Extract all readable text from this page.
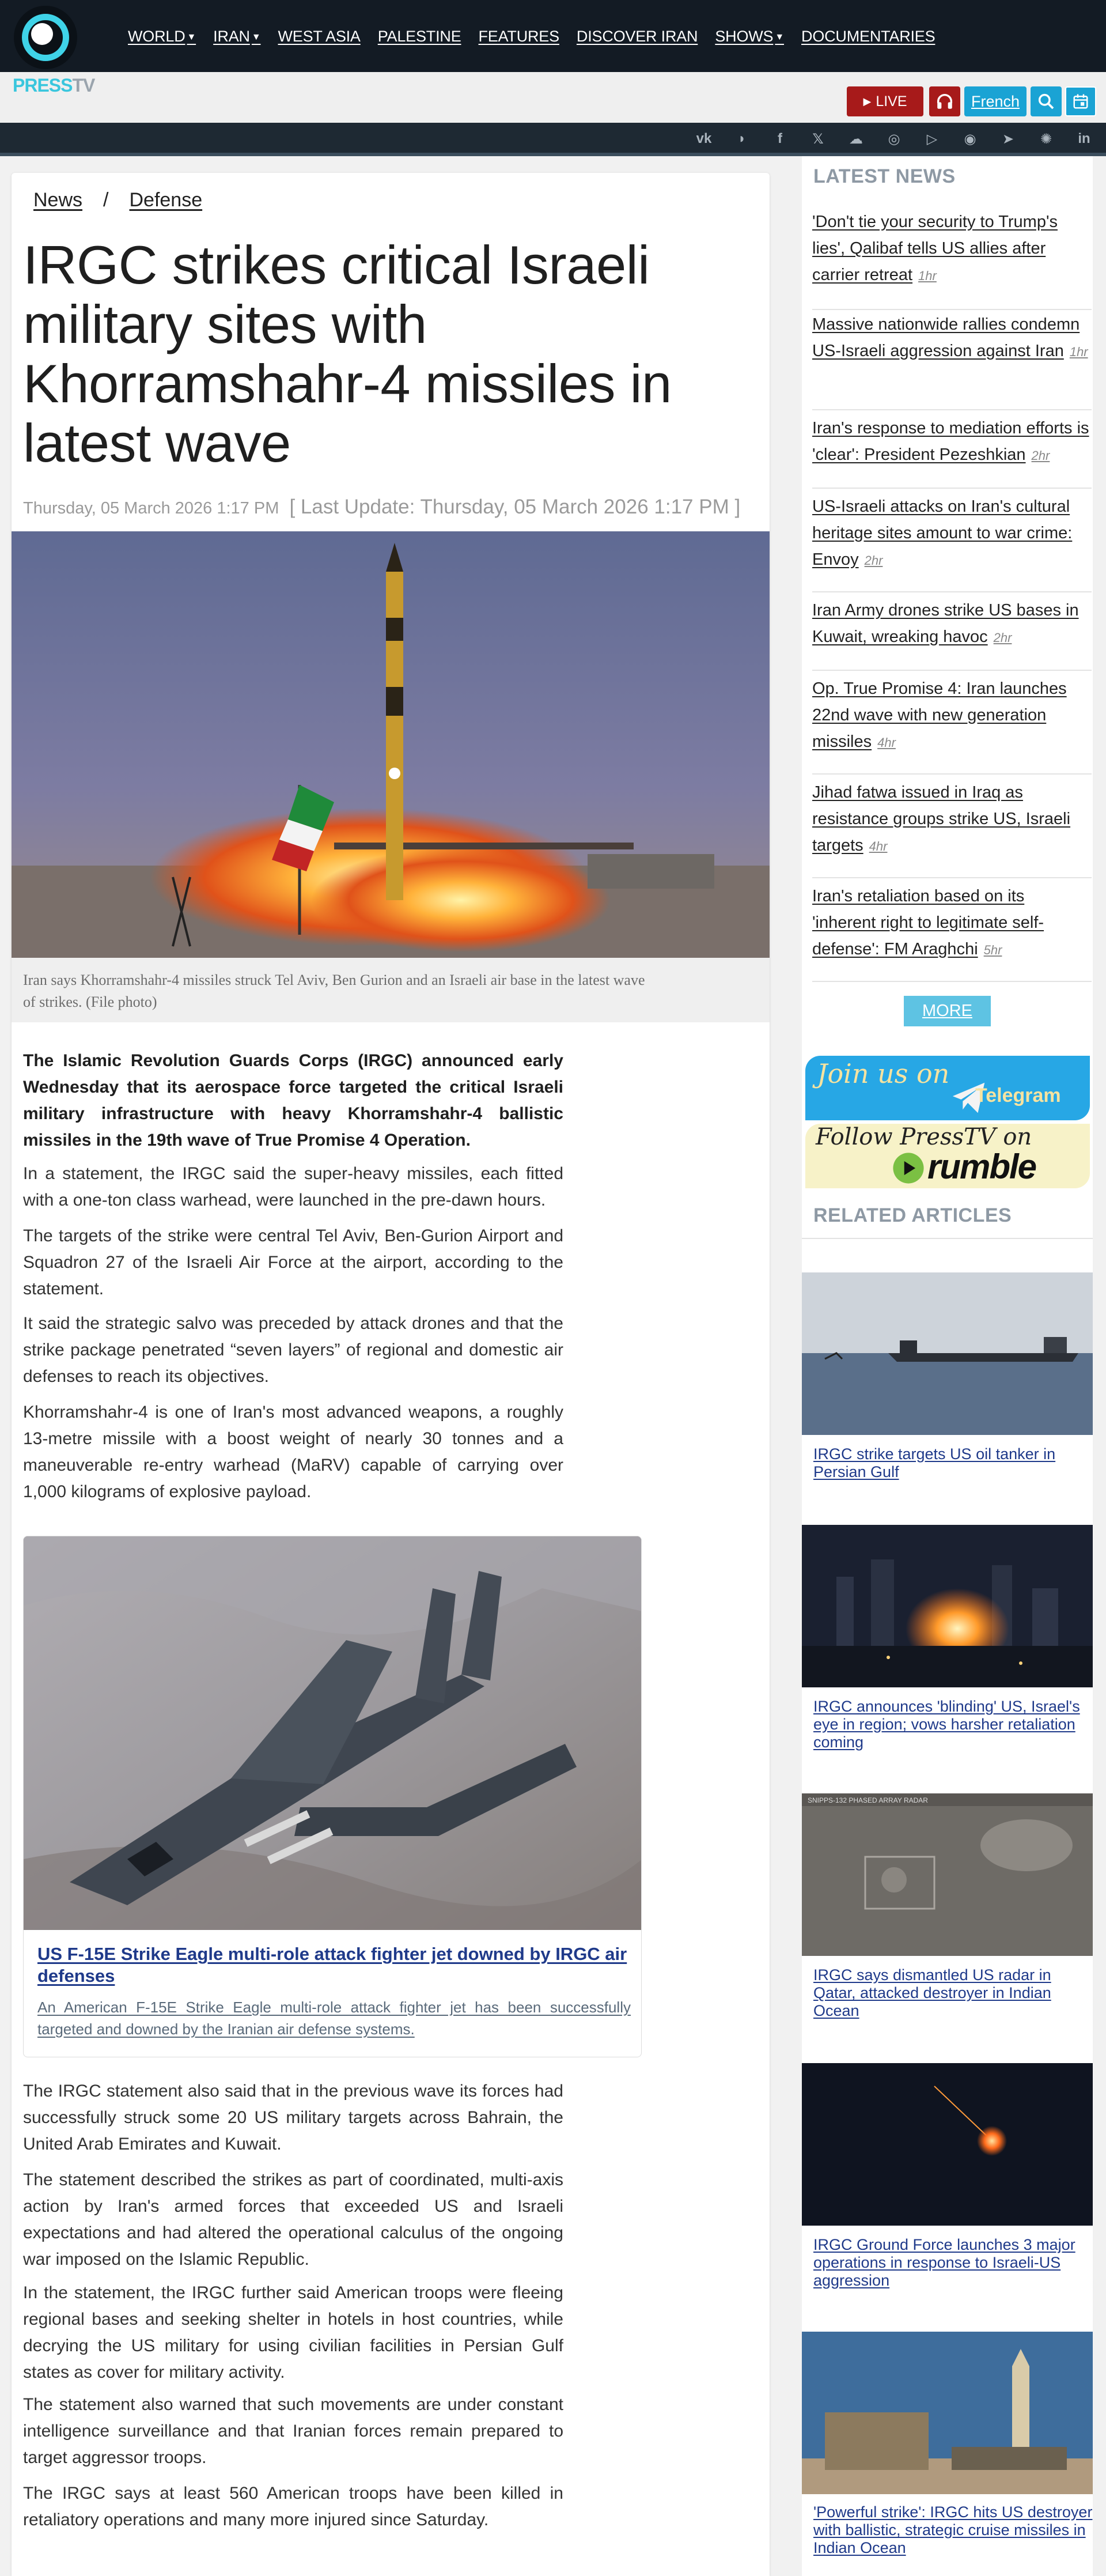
WORLD ▼ IRAN ▼ WEST ASIA PALESTINE FEATURES DISCOVER IRAN SHOWS ▼ DOCUMENTARIES
PRESSTV
▶ LIVE	French
vk	◗	f	𝕏 ☁ ◎ ▷ ◉ ➤ ✺ in
News / Defense
IRGC strikes critical Israeli military sites with Khorramshahr-4 missiles in latest wave
Thursday, 05 March 2026 1:17 PM [ Last Update: Thursday, 05 March 2026 1:17 PM ]
Iran says Khorramshahr-4 missiles struck Tel Aviv, Ben Gurion and an Israeli air base in the latest wave of strikes. (File photo)

The Islamic Revolution Guards Corps (IRGC) announced early Wednesday that its aerospace force targeted the critical Israeli military infrastructure with heavy Khorramshahr-4 ballistic missiles in the 19th wave of True Promise 4 Operation.

In a statement, the IRGC said the super-heavy missiles, each fitted with a one-ton class warhead, were launched in the pre-dawn hours.

The targets of the strike were central Tel Aviv, Ben-Gurion Airport and Squadron 27 of the Israeli Air Force at the airport, according to the statement.

It said the strategic salvo was preceded by attack drones and that the strike package penetrated “seven layers” of regional and domestic air defenses to reach its objectives.

Khorramshahr-4 is one of Iran's most advanced weapons, a roughly 13-metre missile with a boost weight of nearly 30 tonnes and a maneuverable re-entry warhead (MaRV) capable of carrying over 1,000 kilograms of explosive payload.

US F-15E Strike Eagle multi-role attack fighter jet downed by IRGC air defenses
An American F-15E Strike Eagle multi-role attack fighter jet has been successfully targeted and downed by the Iranian air defense systems.

The IRGC statement also said that in the previous wave its forces had successfully struck some 20 US military targets across Bahrain, the United Arab Emirates and Kuwait.

The statement described the strikes as part of coordinated, multi-axis action by Iran's armed forces that exceeded US and Israeli expectations and had altered the operational calculus of the ongoing war imposed on the Islamic Republic.

In the statement, the IRGC further said American troops were fleeing regional bases and seeking shelter in hotels in host countries, while decrying the US military for using civilian facilities in Persian Gulf states as cover for military activity.

The statement also warned that such movements are under constant intelligence surveillance and that Iranian forces remain prepared to target aggressor troops.

The IRGC says at least 560 American troops have been killed in retaliatory operations and many more injured since Saturday.

LATEST NEWS
'Don't tie your security to Trump's lies', Qalibaf tells US allies after carrier retreat 1hr
Massive nationwide rallies condemn US-Israeli aggression against Iran 1hr
Iran's response to mediation efforts is 'clear': President Pezeshkian 2hr
US-Israeli attacks on Iran's cultural heritage sites amount to war crime: Envoy 2hr
Iran Army drones strike US bases in Kuwait, wreaking havoc 2hr
Op. True Promise 4: Iran launches 22nd wave with new generation missiles 4hr
Jihad fatwa issued in Iraq as resistance groups strike US, Israeli targets 4hr
Iran's retaliation based on its 'inherent right to legitimate self-defense': FM Araghchi 5hr
MORE
Join us on
Telegram
Follow PressTV on
rumble
RELATED ARTICLES
IRGC strike targets US oil tanker in Persian Gulf
IRGC announces 'blinding' US, Israel's eye in region; vows harsher retaliation coming
SNIPPS-132 PHASED ARRAY RADAR
IRGC says dismantled US radar in Qatar, attacked destroyer in Indian Ocean
IRGC Ground Force launches 3 major operations in response to Israeli-US aggression
'Powerful strike': IRGC hits US destroyer with ballistic, strategic cruise missiles in Indian Ocean
